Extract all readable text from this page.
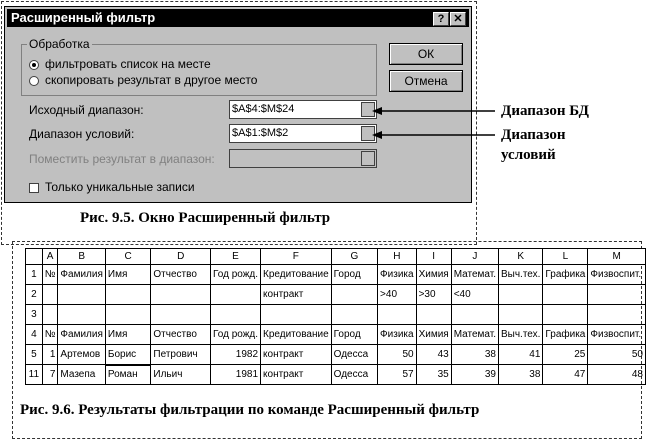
Расширенный фильтр	? ✕
Обработка
фильтровать список на месте
скопировать результат в другое место
ОК
Отмена
Исходный диапазон:	$A$4:$M$24
Диапазон условий:	$A$1:$M$2
Поместить результат в диапазон:
Только уникальные записи
Диапазон БД
Диапазон
условий
Рис. 9.5. Окно Расширенный фильтр
	A	B	C	D	E	F	G	H	I	J	K	L	M
1	№	Фамилия	Имя	Отчество	Год рожд.	Кредитование	Город	Физика	Химия	Математ.	Выч.тех.	Графика	Физвоспит.
2						контракт		>40	>30	<40			
3													
4	№	Фамилия	Имя	Отчество	Год рожд.	Кредитование	Город	Физика	Химия	Математ.	Выч.тех.	Графика	Физвоспит.
5	1	Артемов	Борис	Петрович	1982	контракт	Одесса	50	43	38	41	25	50
11	7	Мазепа	Роман	Ильич	1981	контракт	Одесса	57	35	39	38	47	48
Рис. 9.6. Результаты фильтрации по команде Расширенный фильтр
